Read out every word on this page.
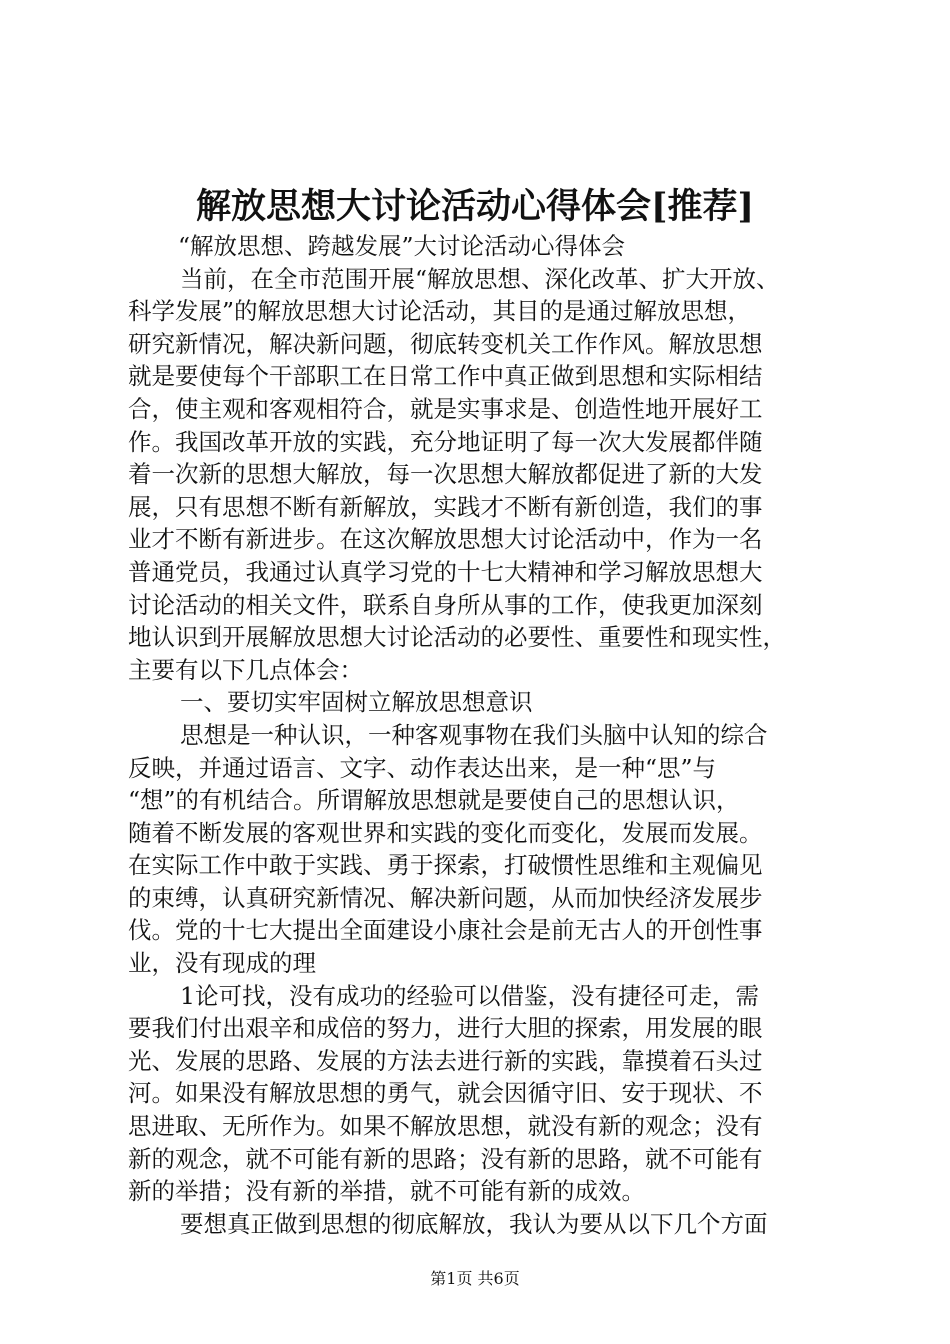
解放思想大讨论活动心得体会[推荐]
“解放思想、跨越发展”大讨论活动心得体会
当前，在全市范围开展“解放思想、深化改革、扩大开放、
科学发展”的解放思想大讨论活动，其目的是通过解放思想，
研究新情况，解决新问题，彻底转变机关工作作风。解放思想
就是要使每个干部职工在日常工作中真正做到思想和实际相结
合，使主观和客观相符合，就是实事求是、创造性地开展好工
作。我国改革开放的实践，充分地证明了每一次大发展都伴随
着一次新的思想大解放，每一次思想大解放都促进了新的大发
展，只有思想不断有新解放，实践才不断有新创造，我们的事
业才不断有新进步。在这次解放思想大讨论活动中，作为一名
普通党员，我通过认真学习党的十七大精神和学习解放思想大
讨论活动的相关文件，联系自身所从事的工作，使我更加深刻
地认识到开展解放思想大讨论活动的必要性、重要性和现实性，
主要有以下几点体会：
一、要切实牢固树立解放思想意识
思想是一种认识，一种客观事物在我们头脑中认知的综合
反映，并通过语言、文字、动作表达出来，是一种“思”与
“想”的有机结合。所谓解放思想就是要使自己的思想认识，
随着不断发展的客观世界和实践的变化而变化，发展而发展。
在实际工作中敢于实践、勇于探索，打破惯性思维和主观偏见
的束缚，认真研究新情况、解决新问题，从而加快经济发展步
伐。党的十七大提出全面建设小康社会是前无古人的开创性事
业，没有现成的理
1论可找，没有成功的经验可以借鉴，没有捷径可走，需
要我们付出艰辛和成倍的努力，进行大胆的探索，用发展的眼
光、发展的思路、发展的方法去进行新的实践，靠摸着石头过
河。如果没有解放思想的勇气，就会因循守旧、安于现状、不
思进取、无所作为。如果不解放思想，就没有新的观念；没有
新的观念，就不可能有新的思路；没有新的思路，就不可能有
新的举措；没有新的举措，就不可能有新的成效。
要想真正做到思想的彻底解放，我认为要从以下几个方面
第1页 共6页
